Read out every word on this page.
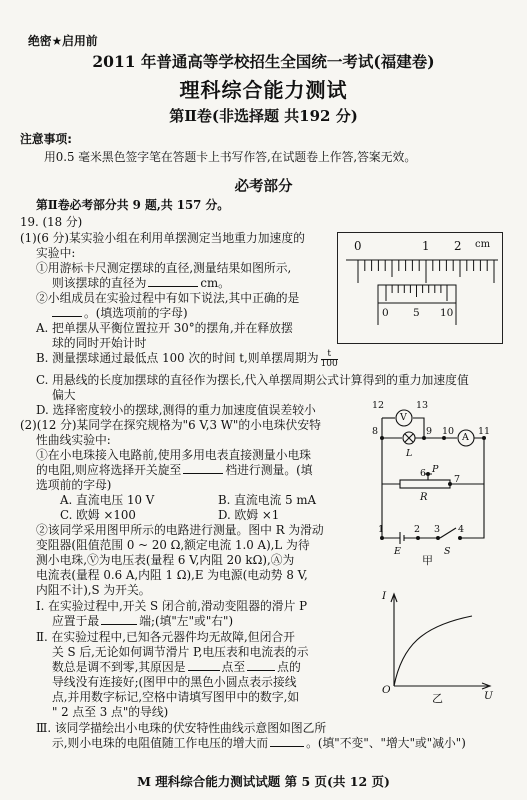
绝密★启用前
2011 年普通高等学校招生全国统一考试(福建卷)
理科综合能力测试
第Ⅱ卷(非选择题 共192 分)
注意事项:
用0.5 毫米黑色签字笔在答题卡上书写作答,在试题卷上作答,答案无效。
必考部分
第Ⅱ卷必考部分共 9 题,共 157 分。
19. (18 分)
(1)(6 分)某实验小组在利用单摆测定当地重力加速度的
实验中:
①用游标卡尺测定摆球的直径,测量结果如图所示,
则该摆球的直径为	cm。
②小组成员在实验过程中有如下说法,其中正确的是
。(填选项前的字母)
A. 把单摆从平衡位置拉开 30°的摆角,并在释放摆
球的同时开始计时
B. 测量摆球通过最低点 100 次的时间 t,则单摆周期为 $\frac{t}{100}$
C. 用悬线的长度加摆球的直径作为摆长,代入单摆周期公式计算得到的重力加速度值
偏大
D. 选择密度较小的摆球,测得的重力加速度值误差较小
(2)(12 分)某同学在探究规格为"6 V,3 W"的小电珠伏安特
性曲线实验中:
①在小电珠接入电路前,使用多用电表直接测量小电珠
的电阻,则应将选择开关旋至	档进行测量。(填
选项前的字母)
A. 直流电压 10 V	B. 直流电流 5 mA
C. 欧姆 ×100	D. 欧姆 ×1
②该同学采用图甲所示的电路进行测量。图中 R 为滑动
变阻器(阻值范围 0 ~ 20 Ω,额定电流 1.0 A),L 为待
测小电珠,Ⓥ为电压表(量程 6 V,内阻 20 kΩ),Ⓐ为
电流表(量程 0.6 A,内阻 1 Ω),E 为电源(电动势 8 V,
内阻不计),S 为开关。
Ⅰ. 在实验过程中,开关 S 闭合前,滑动变阻器的滑片 P
应置于最	端;(填"左"或"右")
Ⅱ. 在实验过程中,已知各元器件均无故障,但闭合开
关 S 后,无论如何调节滑片 P,电压表和电流表的示
数总是调不到零,其原因是	点至	点的
导线没有连接好;(图甲中的黑色小圆点表示接线
点,并用数字标记,空格中请填写图甲中的数字,如
" 2 点至 3 点"的导线)
Ⅲ. 该同学描绘出小电珠的伏安特性曲线示意图如图乙所
示,则小电珠的电阻值随工作电压的增大而	。(填"不变"、"增大"或"减小")
0	1 2 cm
0 5 10
12	13
8	9 10	11
6
7
1	2 3 4
V
A
L
R
P
E	S
甲
I
U
O
乙
M 理科综合能力测试试题 第 5 页(共 12 页)
